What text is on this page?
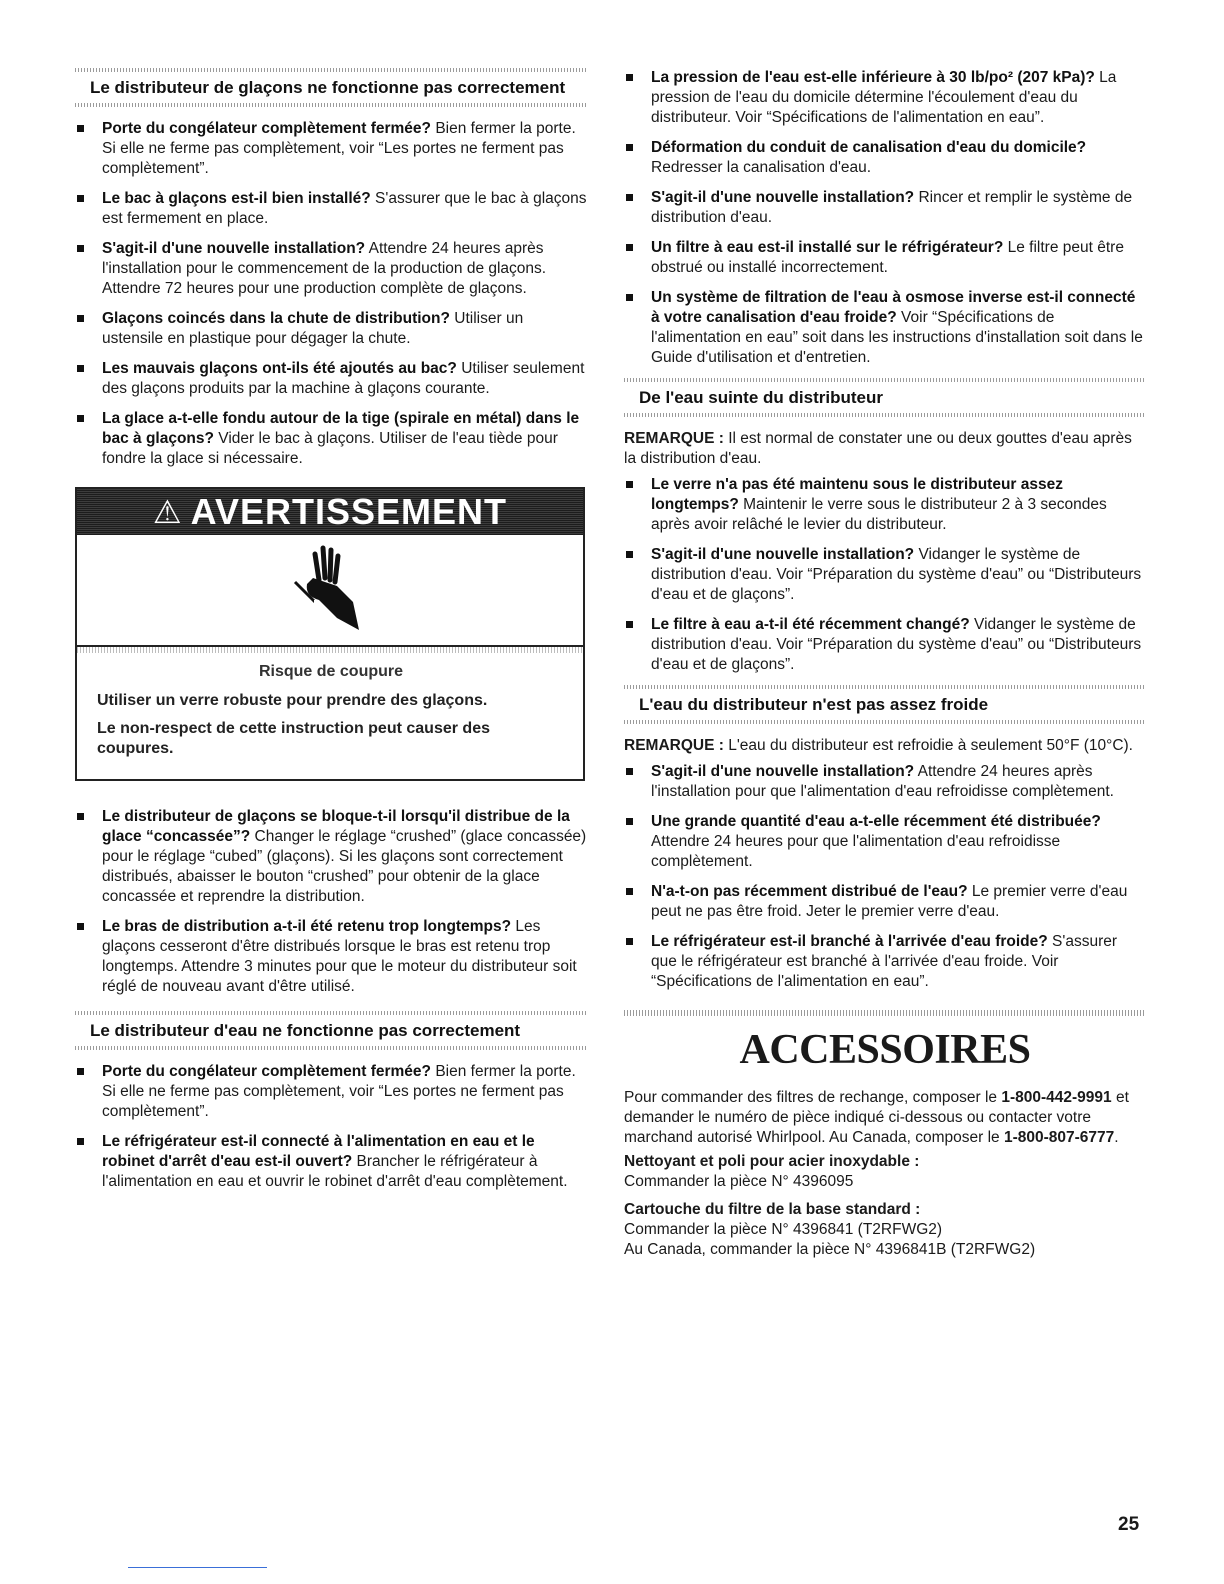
Le distributeur de glaçons ne fonctionne pas correctement
Porte du congélateur complètement fermée? Bien fermer la porte. Si elle ne ferme pas complètement, voir “Les portes ne ferment pas complètement”.
Le bac à glaçons est-il bien installé? S'assurer que le bac à glaçons est fermement en place.
S'agit-il d'une nouvelle installation? Attendre 24 heures après l'installation pour le commencement de la production de glaçons. Attendre 72 heures pour une production complète de glaçons.
Glaçons coincés dans la chute de distribution? Utiliser un ustensile en plastique pour dégager la chute.
Les mauvais glaçons ont-ils été ajoutés au bac? Utiliser seulement des glaçons produits par la machine à glaçons courante.
La glace a-t-elle fondu autour de la tige (spirale en métal) dans le bac à glaçons? Vider le bac à glaçons. Utiliser de l'eau tiède pour fondre la glace si nécessaire.
⚠ AVERTISSEMENT

Risque de coupure

Utiliser un verre robuste pour prendre des glaçons.

Le non-respect de cette instruction peut causer des coupures.

Le distributeur de glaçons se bloque-t-il lorsqu'il distribue de la glace “concassée”? Changer le réglage “crushed” (glace concassée) pour le réglage “cubed” (glaçons). Si les glaçons sont correctement distribués, abaisser le bouton “crushed” pour obtenir de la glace concassée et reprendre la distribution.
Le bras de distribution a-t-il été retenu trop longtemps? Les glaçons cesseront d'être distribués lorsque le bras est retenu trop longtemps. Attendre 3 minutes pour que le moteur du distributeur soit réglé de nouveau avant d'être utilisé.
Le distributeur d'eau ne fonctionne pas correctement
Porte du congélateur complètement fermée? Bien fermer la porte. Si elle ne ferme pas complètement, voir “Les portes ne ferment pas complètement”.
Le réfrigérateur est-il connecté à l'alimentation en eau et le robinet d'arrêt d'eau est-il ouvert? Brancher le réfrigérateur à l'alimentation en eau et ouvrir le robinet d'arrêt d'eau complètement.
La pression de l'eau est-elle inférieure à 30 lb/po² (207 kPa)? La pression de l'eau du domicile détermine l'écoulement d'eau du distributeur. Voir “Spécifications de l'alimentation en eau”.
Déformation du conduit de canalisation d'eau du domicile? Redresser la canalisation d'eau.
S'agit-il d'une nouvelle installation? Rincer et remplir le système de distribution d'eau.
Un filtre à eau est-il installé sur le réfrigérateur? Le filtre peut être obstrué ou installé incorrectement.
Un système de filtration de l'eau à osmose inverse est-il connecté à votre canalisation d'eau froide? Voir “Spécifications de l'alimentation en eau” soit dans les instructions d'installation soit dans le Guide d'utilisation et d'entretien.
De l'eau suinte du distributeur

REMARQUE : Il est normal de constater une ou deux gouttes d'eau après la distribution d'eau.

Le verre n'a pas été maintenu sous le distributeur assez longtemps? Maintenir le verre sous le distributeur 2 à 3 secondes après avoir relâché le levier du distributeur.
S'agit-il d'une nouvelle installation? Vidanger le système de distribution d'eau. Voir “Préparation du système d'eau” ou “Distributeurs d'eau et de glaçons”.
Le filtre à eau a-t-il été récemment changé? Vidanger le système de distribution d'eau. Voir “Préparation du système d'eau” ou “Distributeurs d'eau et de glaçons”.
L'eau du distributeur n'est pas assez froide

REMARQUE : L'eau du distributeur est refroidie à seulement 50°F (10°C).

S'agit-il d'une nouvelle installation? Attendre 24 heures après l'installation pour que l'alimentation d'eau refroidisse complètement.
Une grande quantité d'eau a-t-elle récemment été distribuée? Attendre 24 heures pour que l'alimentation d'eau refroidisse complètement.
N'a-t-on pas récemment distribué de l'eau? Le premier verre d'eau peut ne pas être froid. Jeter le premier verre d'eau.
Le réfrigérateur est-il branché à l'arrivée d'eau froide? S'assurer que le réfrigérateur est branché à l'arrivée d'eau froide. Voir “Spécifications de l'alimentation en eau”.
ACCESSOIRES

Pour commander des filtres de rechange, composer le 1-800-442-9991 et demander le numéro de pièce indiqué ci-dessous ou contacter votre marchand autorisé Whirlpool. Au Canada, composer le 1-800-807-6777.

Nettoyant et poli pour acier inoxydable :

Commander la pièce N° 4396095

Cartouche du filtre de la base standard :

Commander la pièce N° 4396841 (T2RFWG2)

Au Canada, commander la pièce N° 4396841B (T2RFWG2)

25
